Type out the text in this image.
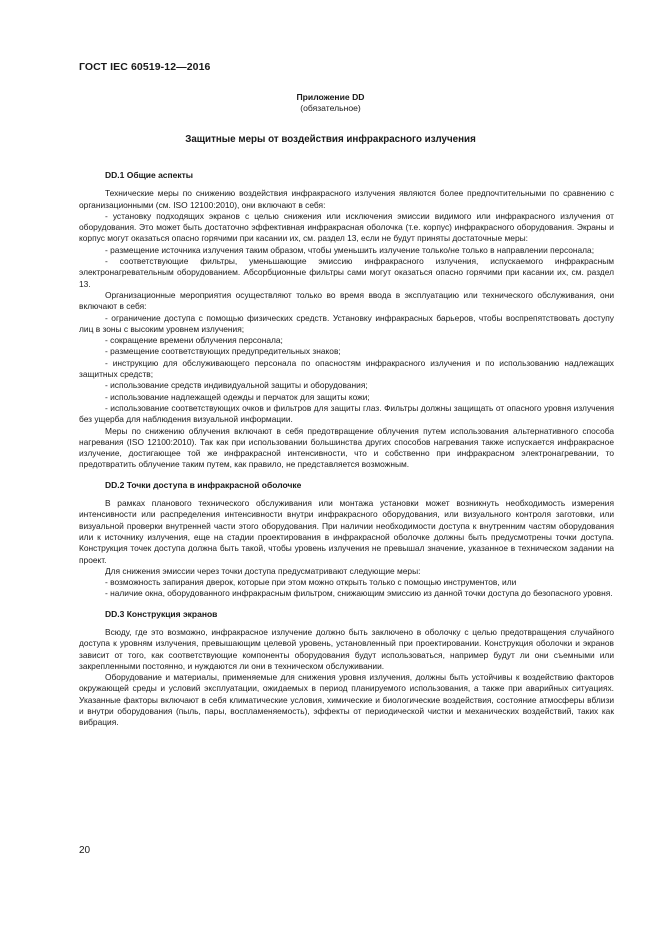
ГОСТ IEC 60519-12—2016
Приложение DD
(обязательное)
Защитные меры от воздействия инфракрасного излучения
DD.1 Общие аспекты

Технические меры по снижению воздействия инфракрасного излучения являются более предпочтительными по сравнению с организационными (см. ISO 12100:2010), они включают в себя:

- установку подходящих экранов с целью снижения или исключения эмиссии видимого или инфракрасного излучения от оборудования. Это может быть достаточно эффективная инфракрасная оболочка (т.е. корпус) инфракрасного оборудования. Экраны и корпус могут оказаться опасно горячими при касании их, см. раздел 13, если не будут приняты достаточные меры:

- размещение источника излучения таким образом, чтобы уменьшить излучение только/не только в направлении персонала;

- соответствующие фильтры, уменьшающие эмиссию инфракрасного излучения, испускаемого инфракрасным электронагревательным оборудованием. Абсорбционные фильтры сами могут оказаться опасно горячими при касании их, см. раздел 13.

Организационные мероприятия осуществляют только во время ввода в эксплуатацию или технического обслуживания, они включают в себя:

- ограничение доступа с помощью физических средств. Установку инфракрасных барьеров, чтобы воспрепятствовать доступу лиц в зоны с высоким уровнем излучения;

- сокращение времени облучения персонала;

- размещение соответствующих предупредительных знаков;

- инструкцию для обслуживающего персонала по опасностям инфракрасного излучения и по использованию надлежащих защитных средств;

- использование средств индивидуальной защиты и оборудования;

- использование надлежащей одежды и перчаток для защиты кожи;

- использование соответствующих очков и фильтров для защиты глаз. Фильтры должны защищать от опасного уровня излучения без ущерба для наблюдения визуальной информации.

Меры по снижению облучения включают в себя предотвращение облучения путем использования альтернативного способа нагревания (ISO 12100:2010). Так как при использовании большинства других способов нагревания также испускается инфракрасное излучение, достигающее той же инфракрасной интенсивности, что и собственно при инфракрасном электронагревании, то предотвратить облучение таким путем, как правило, не представляется возможным.

DD.2 Точки доступа в инфракрасной оболочке

В рамках планового технического обслуживания или монтажа установки может возникнуть необходимость измерения интенсивности или распределения интенсивности внутри инфракрасного оборудования, или визуального контроля заготовки, или визуальной проверки внутренней части этого оборудования. При наличии необходимости доступа к внутренним частям оборудования или к источнику излучения, еще на стадии проектирования в инфракрасной оболочке должны быть предусмотрены точки доступа. Конструкция точек доступа должна быть такой, чтобы уровень излучения не превышал значение, указанное в техническом задании на проект.

Для снижения эмиссии через точки доступа предусматривают следующие меры:

- возможность запирания дверок, которые при этом можно открыть только с помощью инструментов, или

- наличие окна, оборудованного инфракрасным фильтром, снижающим эмиссию из данной точки доступа до безопасного уровня.

DD.3 Конструкция экранов

Всюду, где это возможно, инфракрасное излучение должно быть заключено в оболочку с целью предотвращения случайного доступа к уровням излучения, превышающим целевой уровень, установленный при проектировании. Конструкция оболочки и экранов зависит от того, как соответствующие компоненты оборудования будут использоваться, например будут ли они съемными или закрепленными постоянно, и нуждаются ли они в техническом обслуживании.

Оборудование и материалы, применяемые для снижения уровня излучения, должны быть устойчивы к воздействию факторов окружающей среды и условий эксплуатации, ожидаемых в период планируемого использования, а также при аварийных ситуациях. Указанные факторы включают в себя климатические условия, химические и биологические воздействия, состояние атмосферы вблизи и внутри оборудования (пыль, пары, воспламеняемость), эффекты от периодической чистки и механических воздействий, таких как вибрация.

20
